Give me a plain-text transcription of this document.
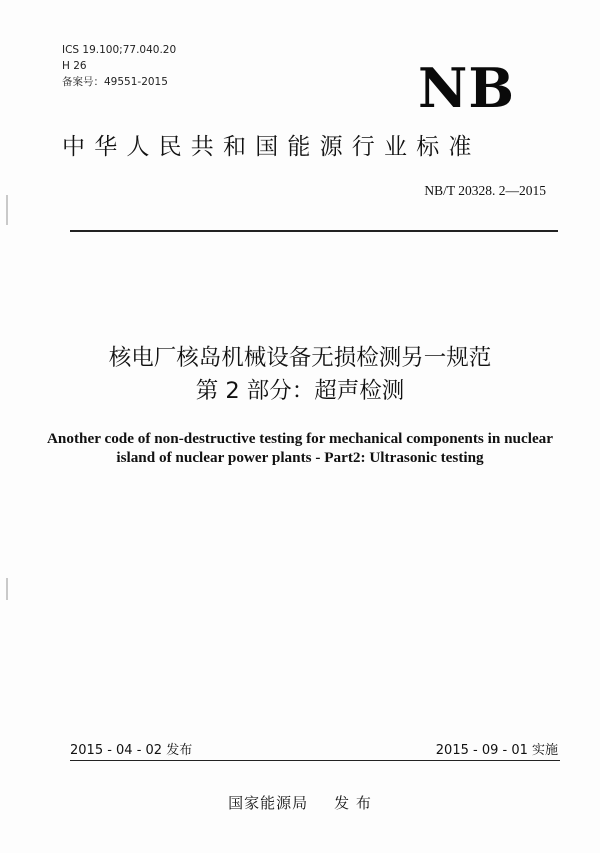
ICS 19.100;77.040.20
H 26
备案号：49551-2015	NB
中华人民共和国能源行业标准
NB/T 20328. 2—2015
核电厂核岛机械设备无损检测另一规范
第 2 部分：超声检测
Another code of non-destructive testing for mechanical components in nuclear
island of nuclear power plants - Part2: Ultrasonic testing
2015 - 04 - 02 发布	2015 - 09 - 01 实施
国家能源局 发 布
